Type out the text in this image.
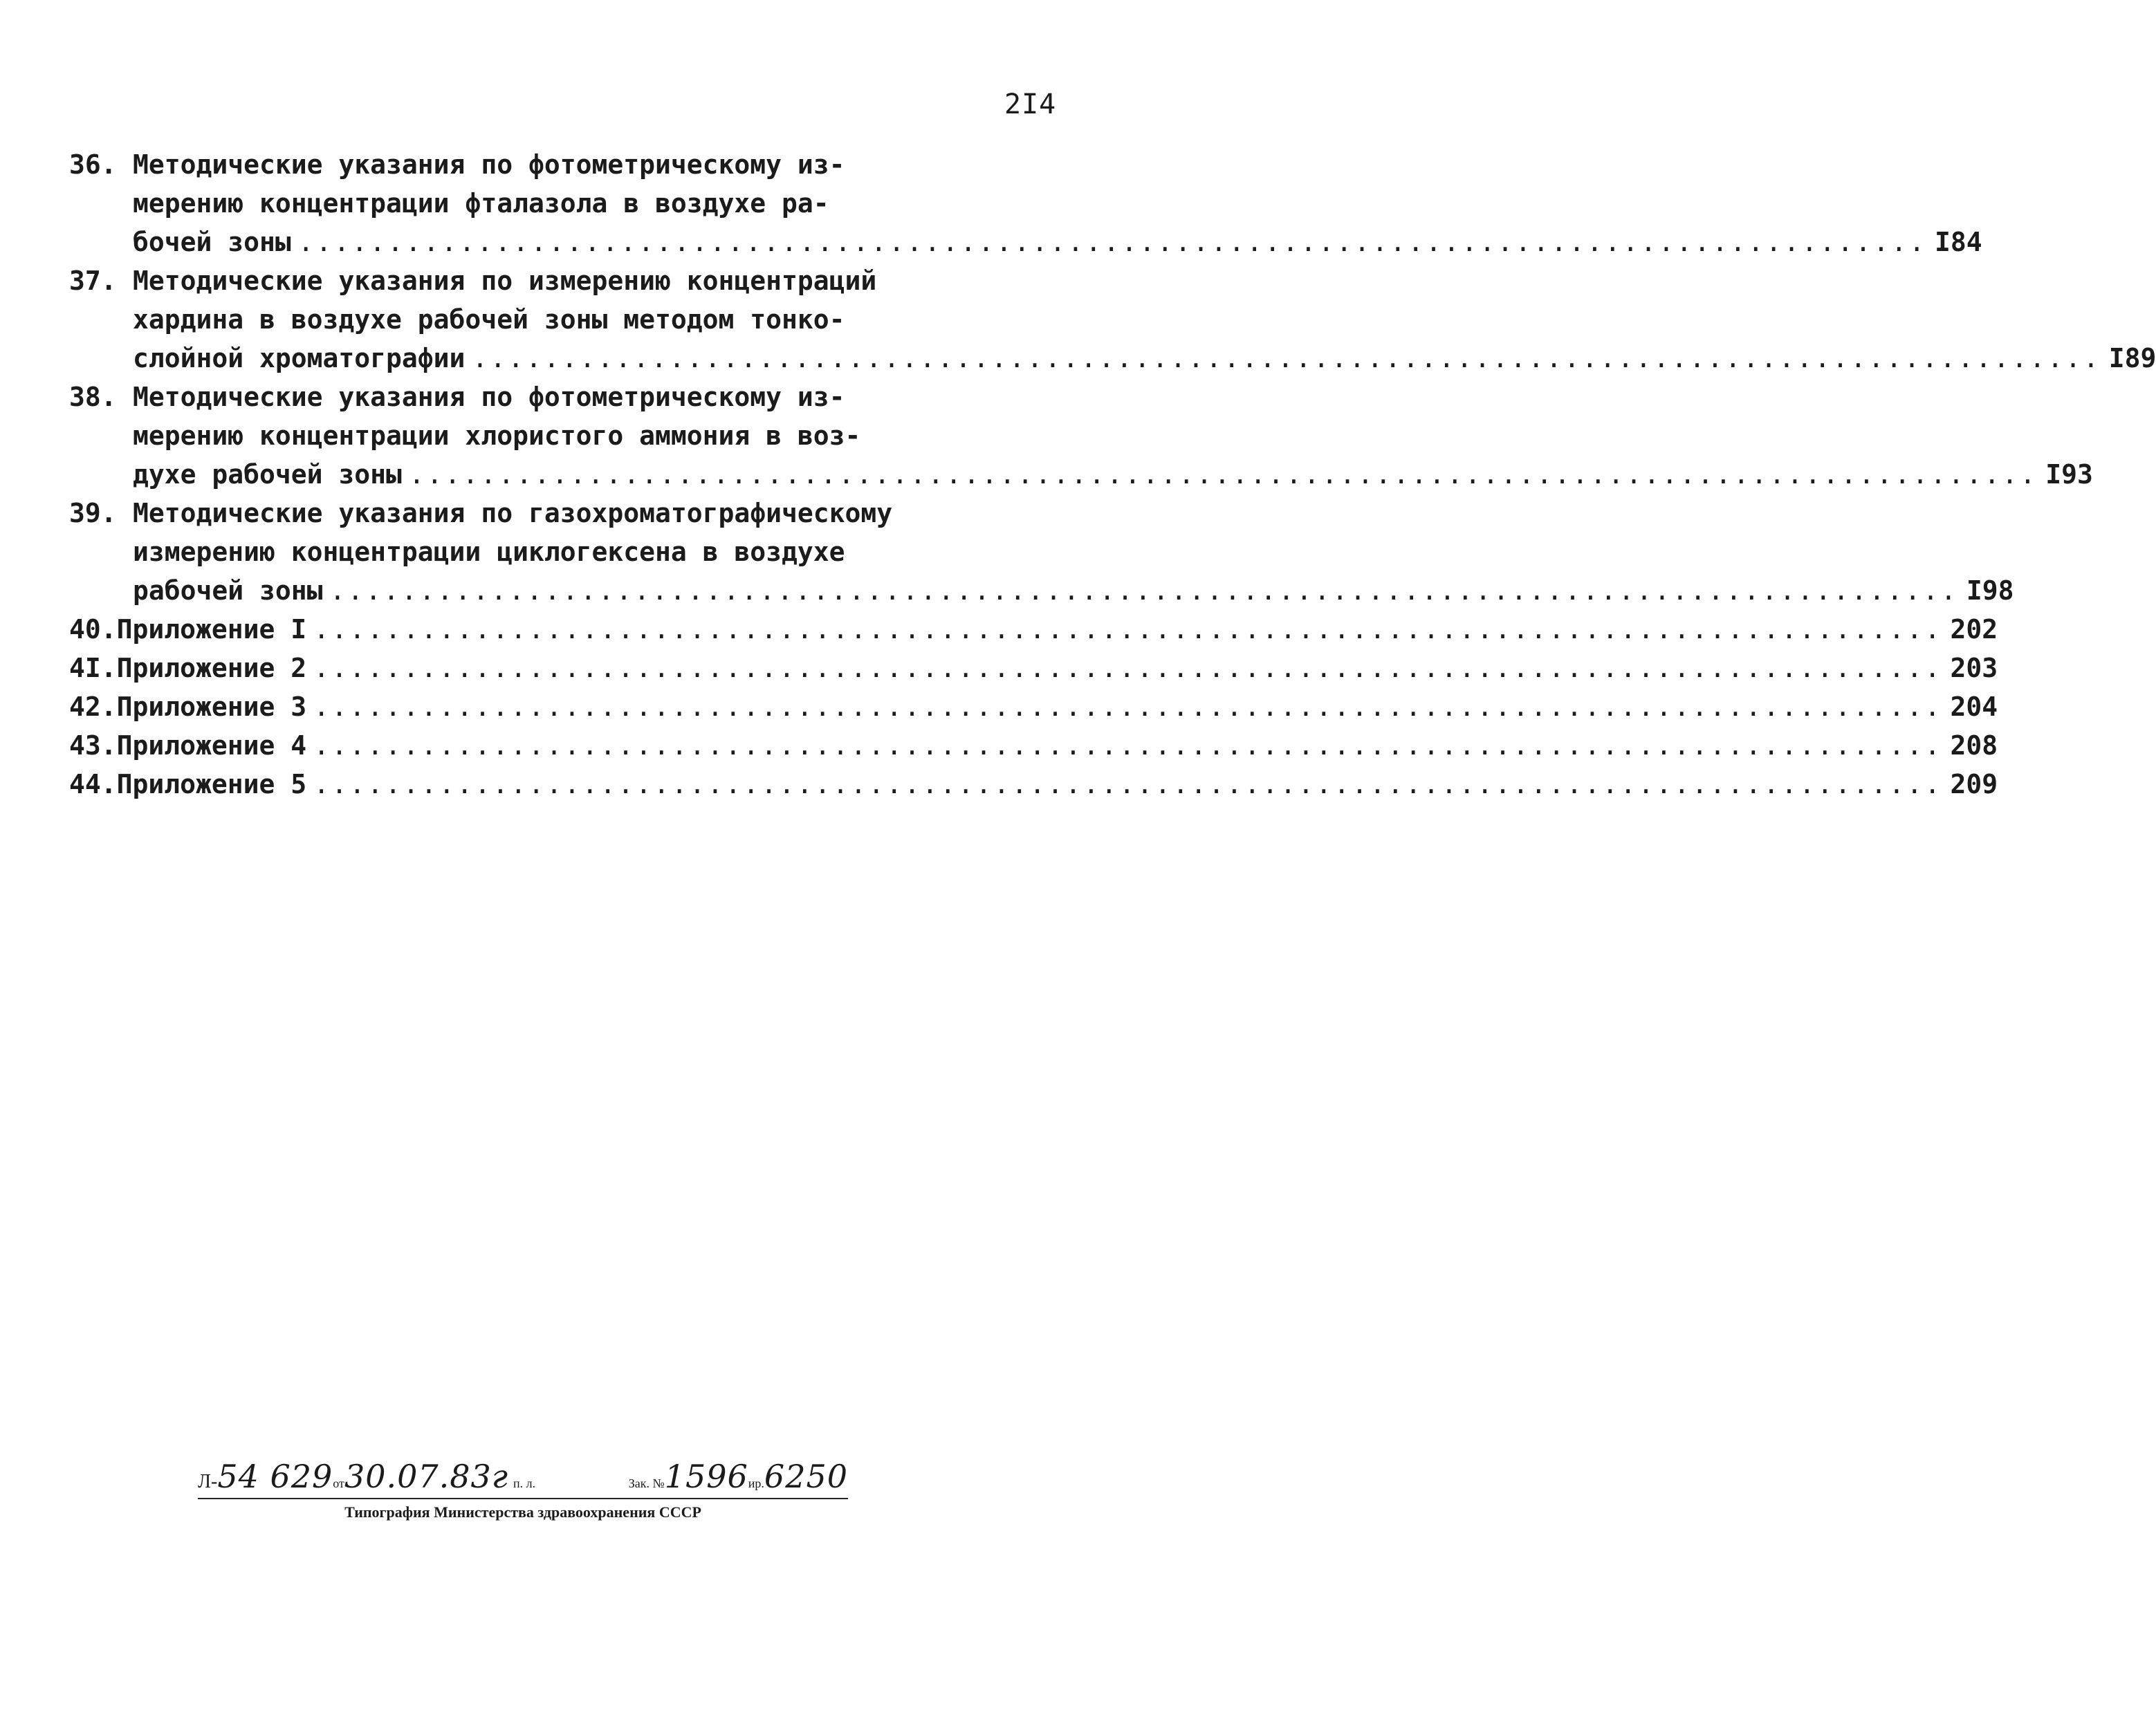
2I4
36. Методические указания по фотометрическому из-
мерению концентрации фталазола в воздухе ра-
бочей зоны ........................................................................................... I84
37. Методические указания по измерению концентраций
хардина в воздухе рабочей зоны методом тонко-
слойной хроматографии ........................................................................................... I89
38. Методические указания по фотометрическому из-
мерению концентрации хлористого аммония в воз-
духе рабочей зоны ........................................................................................... I93
39. Методические указания по газохроматографическому
измерению концентрации циклогексена в воздухе
рабочей зоны ........................................................................................... I98
40. Приложение I ........................................................................................... 202
4I. Приложение 2 ........................................................................................... 203
42. Приложение 3 ........................................................................................... 204
43. Приложение 4 ........................................................................................... 208
44. Приложение 5 ........................................................................................... 209
Л-54 629от30.07.83г п. л.	Зак. №1596ир.6250
Типография Министерства здравоохранения СССР
